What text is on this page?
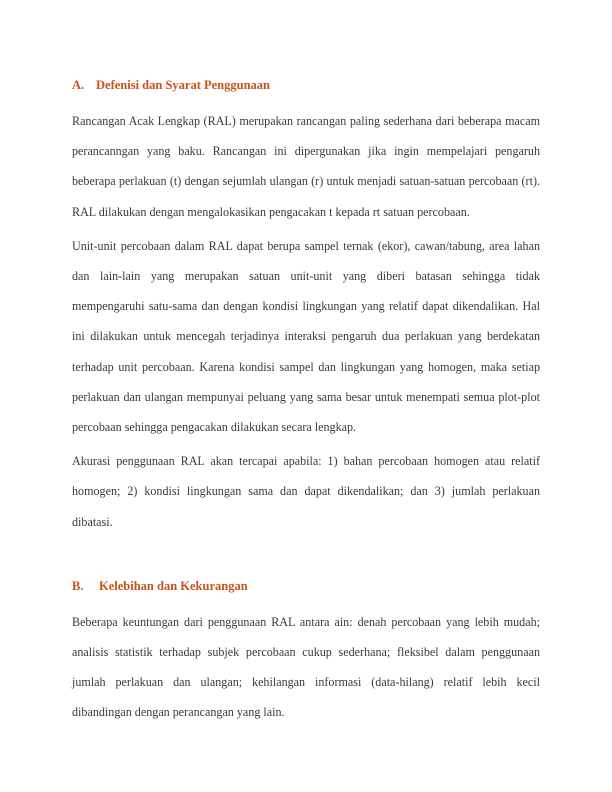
A. Defenisi dan Syarat Penggunaan

Rancangan Acak Lengkap (RAL) merupakan rancangan paling sederhana dari beberapa macam perancanngan yang baku. Rancangan ini dipergunakan jika ingin mempelajari pengaruh beberapa perlakuan (t) dengan sejumlah ulangan (r) untuk menjadi satuan-satuan percobaan (rt). RAL dilakukan dengan mengalokasikan pengacakan t kepada rt satuan percobaan.

Unit-unit percobaan dalam RAL dapat berupa sampel ternak (ekor), cawan/tabung, area lahan dan lain-lain yang merupakan satuan unit-unit yang diberi batasan sehingga tidak mempengaruhi satu-sama dan dengan kondisi lingkungan yang relatif dapat dikendalikan. Hal ini dilakukan untuk mencegah terjadinya interaksi pengaruh dua perlakuan yang berdekatan terhadap unit percobaan. Karena kondisi sampel dan lingkungan yang homogen, maka setiap perlakuan dan ulangan mempunyai peluang yang sama besar untuk menempati semua plot-plot percobaan sehingga pengacakan dilakukan secara lengkap.

Akurasi penggunaan RAL akan tercapai apabila: 1) bahan percobaan homogen atau relatif homogen; 2) kondisi lingkungan sama dan dapat dikendalikan; dan 3) jumlah perlakuan dibatasi.

B.	Kelebihan dan Kekurangan

Beberapa keuntungan dari penggunaan RAL antara ain: denah percobaan yang lebih mudah; analisis statistik terhadap subjek percobaan cukup sederhana; fleksibel dalam penggunaan jumlah perlakuan dan ulangan; kehilangan informasi (data-hilang) relatif lebih kecil dibandingan dengan perancangan yang lain.
